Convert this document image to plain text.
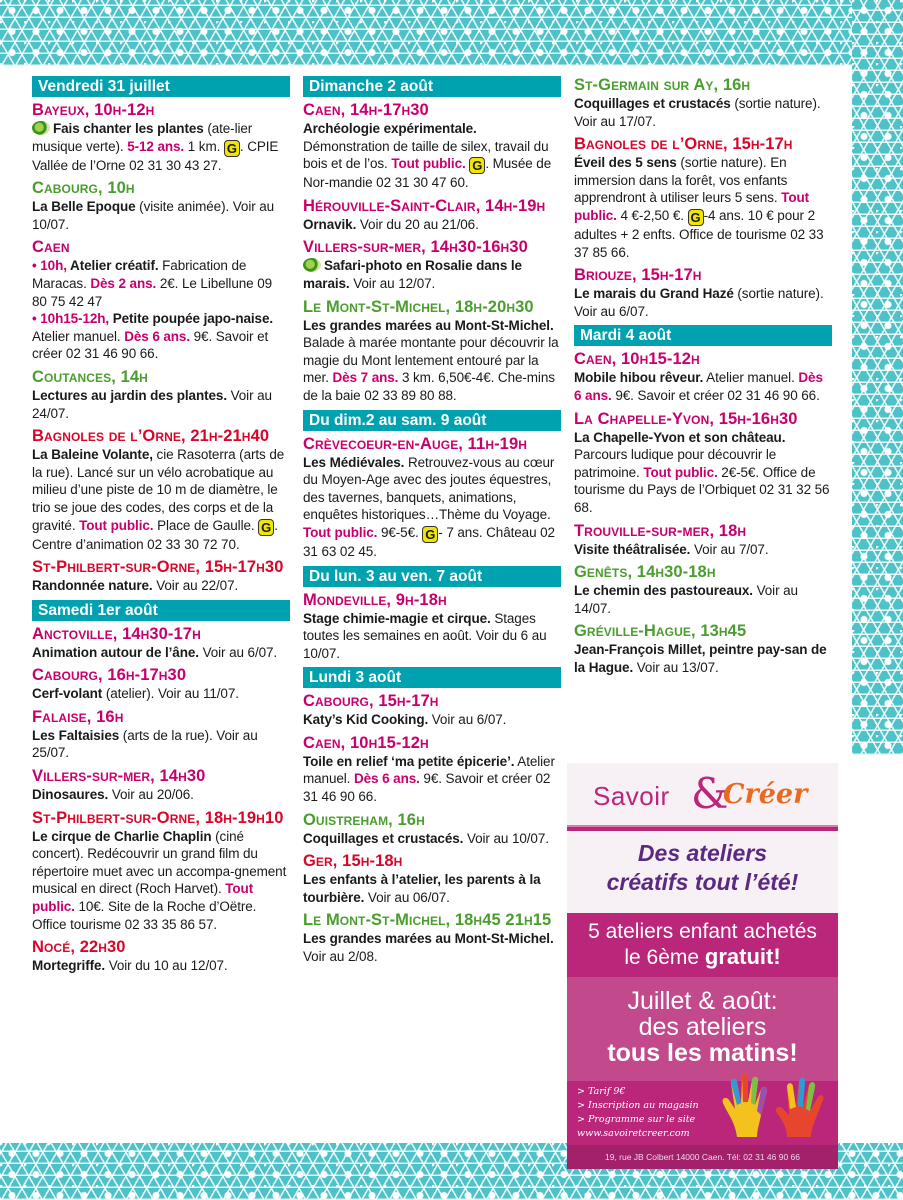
Vendredi 31 juillet
Bayeux, 10h-12h
Fais chanter les plantes (ate-lier musique verte). 5-12 ans. 1 km. G . CPIE Vallée de l’Orne 02 31 30 43 27.
Cabourg, 10h
La Belle Epoque (visite animée). Voir au 10/07.
Caen
• 10h, Atelier créatif. Fabrication de Maracas. Dès 2 ans. 2€. Le Libellune 09 80 75 42 47
• 10h15-12h, Petite poupée japo-naise. Atelier manuel. Dès 6 ans. 9€. Savoir et créer 02 31 46 90 66.
Coutances, 14h
Lectures au jardin des plantes. Voir au 24/07.
Bagnoles de l’Orne, 21h-21h40
La Baleine Volante, cie Rasoterra (arts de la rue). Lancé sur un vélo acrobatique au milieu d’une piste de 10 m de diamètre, le trio se joue des codes, des corps et de la gravité. Tout public. Place de Gaulle. G . Centre d’animation 02 33 30 72 70.
St-Philbert-sur-Orne, 15h-17h30
Randonnée nature. Voir au 22/07.
Samedi 1er août
Anctoville, 14h30-17h
Animation autour de l’âne. Voir au 6/07.
Cabourg, 16h-17h30
Cerf-volant (atelier). Voir au 11/07.
Falaise, 16h
Les Faltaisies (arts de la rue). Voir au 25/07.
Villers-sur-mer, 14h30
Dinosaures. Voir au 20/06.
St-Philbert-sur-Orne, 18h-19h10
Le cirque de Charlie Chaplin (ciné concert). Redécouvrir un grand film du répertoire muet avec un accompa-gnement musical en direct (Roch Harvet). Tout public. 10€. Site de la Roche d’Oëtre. Office tourisme 02 33 35 86 57.
Nocé, 22h30
Mortegriffe. Voir du 10 au 12/07.
Dimanche 2 août
Caen, 14h-17h30
Archéologie expérimentale. Démonstration de taille de silex, travail du bois et de l’os. Tout public. G . Musée de Nor-mandie 02 31 30 47 60.
Hérouville-Saint-Clair, 14h-19h
Ornavik. Voir du 20 au 21/06.
Villers-sur-mer, 14h30-16h30
Safari-photo en Rosalie dans le marais. Voir au 12/07.
Le Mont-St-Michel, 18h-20h30
Les grandes marées au Mont-St-Michel. Balade à marée montante pour découvrir la magie du Mont lentement entouré par la mer. Dès 7 ans. 3 km. 6,50€-4€. Che-mins de la baie 02 33 89 80 88.
Du dim.2 au sam. 9 août
Crèvecoeur-en-Auge, 11h-19h
Les Médiévales. Retrouvez-vous au cœur du Moyen-Age avec des joutes équestres, des tavernes, banquets, animations, enquêtes historiques…Thème du Voyage. Tout public. 9€-5€. G - 7 ans. Château 02 31 63 02 45.
Du lun. 3 au ven. 7 août
Mondeville, 9h-18h
Stage chimie-magie et cirque. Stages toutes les semaines en août. Voir du 6 au 10/07.
Lundi 3 août
Cabourg, 15h-17h
Katy’s Kid Cooking. Voir au 6/07.
Caen, 10h15-12h
Toile en relief ‘ma petite épicerie’. Atelier manuel. Dès 6 ans. 9€. Savoir et créer 02 31 46 90 66.
Ouistreham, 16h
Coquillages et crustacés. Voir au 10/07.
Ger, 15h-18h
Les enfants à l’atelier, les parents à la tourbière. Voir au 06/07.
Le Mont-St-Michel, 18h45 21h15
Les grandes marées au Mont-St-Michel. Voir au 2/08.
St-Germain sur Ay, 16h
Coquillages et crustacés (sortie nature). Voir au 17/07.
Bagnoles de l’Orne, 15h-17h
Éveil des 5 sens (sortie nature). En immersion dans la forêt, vos enfants apprendront à utiliser leurs 5 sens. Tout public. 4 €-2,50 €. G -4 ans. 10 € pour 2 adultes + 2 enfts. Office de tourisme 02 33 37 85 66.
Briouze, 15h-17h
Le marais du Grand Hazé (sortie nature). Voir au 6/07.
Mardi 4 août
Caen, 10h15-12h
Mobile hibou rêveur. Atelier manuel. Dès 6 ans. 9€. Savoir et créer 02 31 46 90 66.
La Chapelle-Yvon, 15h-16h30
La Chapelle-Yvon et son château. Parcours ludique pour découvrir le patrimoine. Tout public. 2€-5€. Office de tourisme du Pays de l’Orbiquet 02 31 32 56 68.
Trouville-sur-mer, 18h
Visite théâtralisée. Voir au 7/07.
Genêts, 14h30-18h
Le chemin des pastoureaux. Voir au 14/07.
Gréville-Hague, 13h45
Jean-François Millet, peintre pay-san de la Hague. Voir au 13/07.
Savoir &
Créer
Des ateliers
créatifs tout l’été!
5 ateliers enfant achetés
le 6ème gratuit!
Juillet & août:
des ateliers
tous les matins!
> Tarif 9€
> Inscription au magasin
> Programme sur le site
www.savoiretcreer.com
19, rue JB Colbert 14000 Caen. Tél: 02 31 46 90 66
